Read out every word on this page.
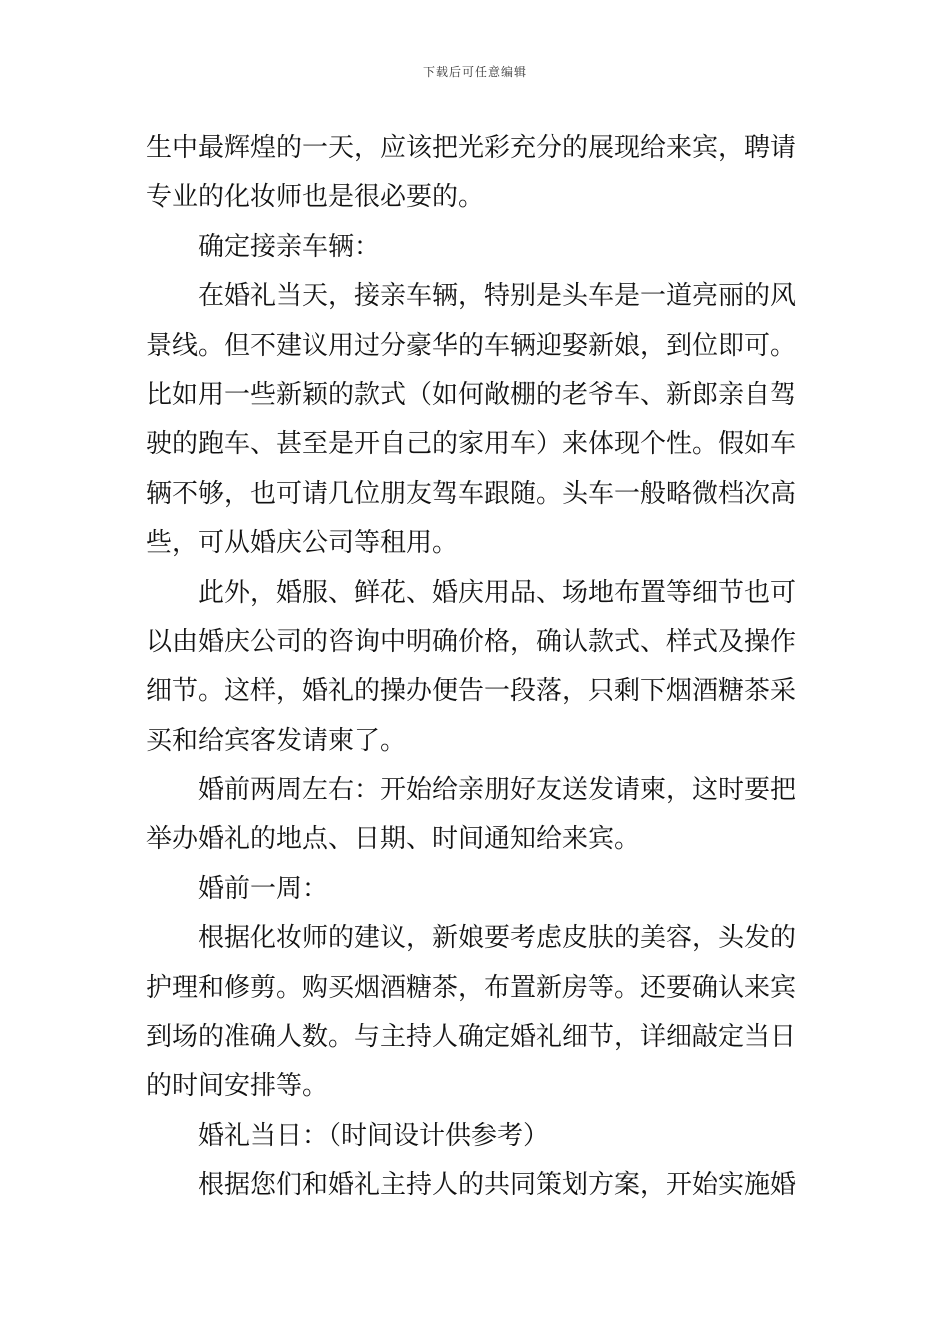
下载后可任意编辑
生中最辉煌的一天，应该把光彩充分的展现给来宾，聘请
专业的化妆师也是很必要的。
确定接亲车辆：
在婚礼当天，接亲车辆，特别是头车是一道亮丽的风
景线。但不建议用过分豪华的车辆迎娶新娘，到位即可。
比如用一些新颖的款式（如何敞棚的老爷车、新郎亲自驾
驶的跑车、甚至是开自己的家用车）来体现个性。假如车
辆不够，也可请几位朋友驾车跟随。头车一般略微档次高
些，可从婚庆公司等租用。
此外，婚服、鲜花、婚庆用品、场地布置等细节也可
以由婚庆公司的咨询中明确价格，确认款式、样式及操作
细节。这样，婚礼的操办便告一段落，只剩下烟酒糖茶采
买和给宾客发请柬了。
婚前两周左右：开始给亲朋好友送发请柬，这时要把
举办婚礼的地点、日期、时间通知给来宾。
婚前一周：
根据化妆师的建议，新娘要考虑皮肤的美容，头发的
护理和修剪。购买烟酒糖茶，布置新房等。还要确认来宾
到场的准确人数。与主持人确定婚礼细节，详细敲定当日
的时间安排等。
婚礼当日：（时间设计供参考）
根据您们和婚礼主持人的共同策划方案，开始实施婚
